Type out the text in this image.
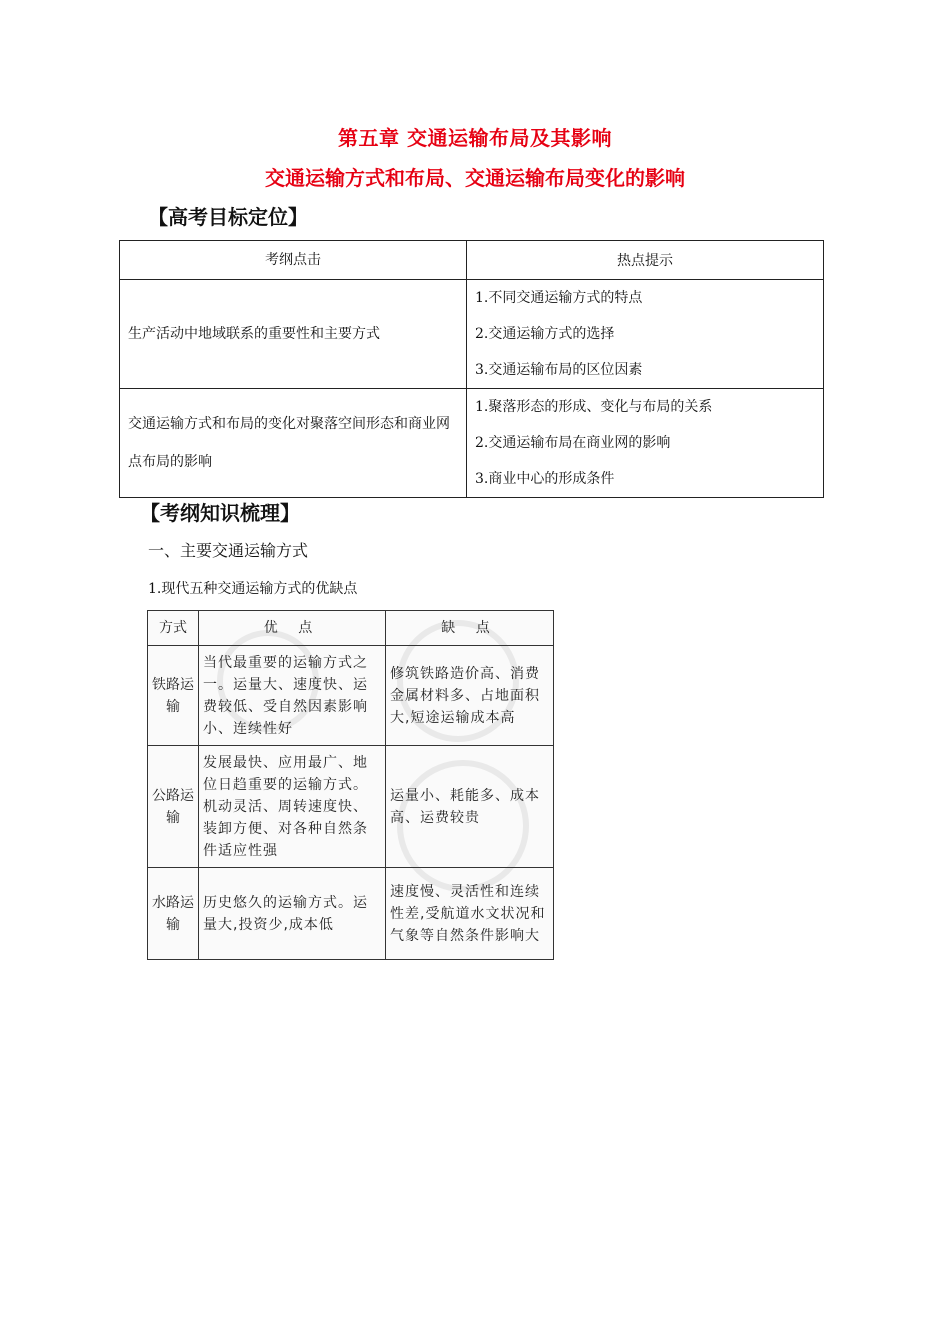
第五章 交通运输布局及其影响
交通运输方式和布局、交通运输布局变化的影响
【高考目标定位】
考纲点击	热点提示
生产活动中地域联系的重要性和主要方式	1.不同交通运输方式的特点
2.交通运输方式的选择
3.交通运输布局的区位因素

交通运输方式和布局的变化对聚落空间形态和商业网点布局的影响	1.聚落形态的形成、变化与布局的关系
2.交通运输布局在商业网的影响
3.商业中心的形成条件
【考纲知识梳理】
一、主要交通运输方式
1.现代五种交通运输方式的优缺点
方式	优 点	缺 点
铁路运输	当代最重要的运输方式之一。运量大、速度快、运费较低、受自然因素影响小、连续性好	修筑铁路造价高、消费金属材料多、占地面积大,短途运输成本高
公路运输	发展最快、应用最广、地位日趋重要的运输方式。机动灵活、周转速度快、装卸方便、对各种自然条件适应性强	运量小、耗能多、成本高、运费较贵
水路运输	历史悠久的运输方式。运量大,投资少,成本低	速度慢、灵活性和连续性差,受航道水文状况和气象等自然条件影响大
